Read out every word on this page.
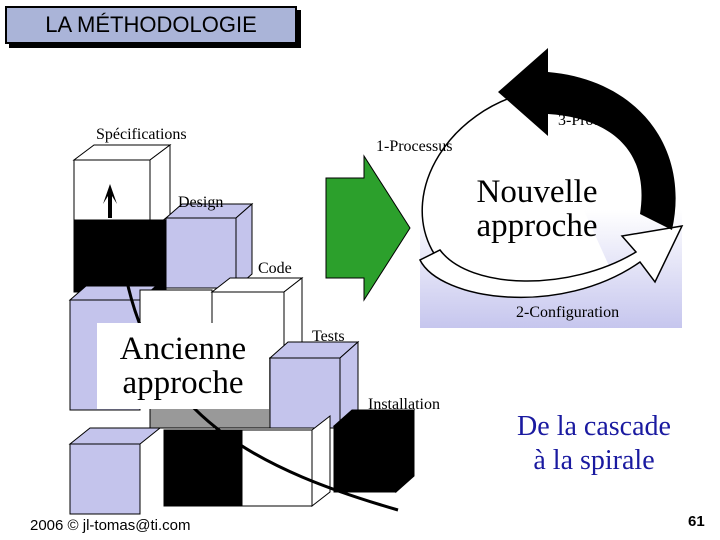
LA MÉTHODOLOGIE
Spécifications
Design
Code
Tests
Installation
1-Processus
3-Prototype
2-Configuration
Ancienne
approche
Nouvelle
approche
De la cascade
à la spirale
2006 © jl-tomas@ti.com	61
